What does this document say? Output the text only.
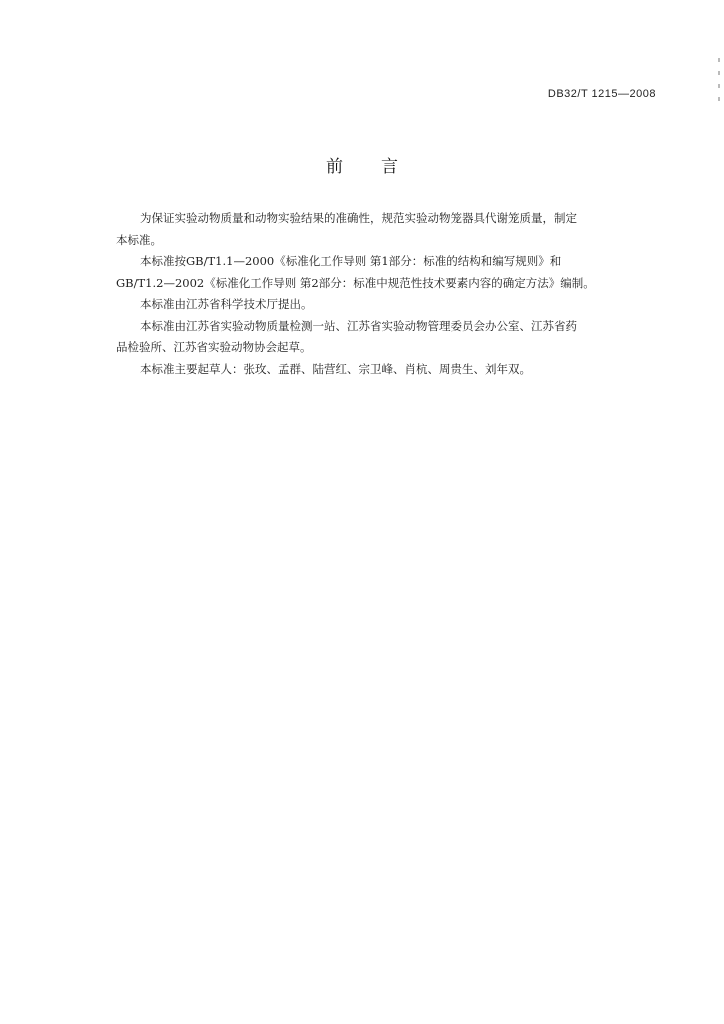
DB32/T 1215—2008
前言

为保证实验动物质量和动物实验结果的准确性，规范实验动物笼器具代谢笼质量，制定
本标准。

本标准按GB/T1.1—2000《标准化工作导则 第1部分：标准的结构和编写规则》和
GB/T1.2—2002《标准化工作导则 第2部分：标准中规范性技术要素内容的确定方法》编制。

本标准由江苏省科学技术厅提出。

本标准由江苏省实验动物质量检测一站、江苏省实验动物管理委员会办公室、江苏省药
品检验所、江苏省实验动物协会起草。

本标准主要起草人：张玫、孟群、陆营红、宗卫峰、肖杭、周贵生、刘年双。
